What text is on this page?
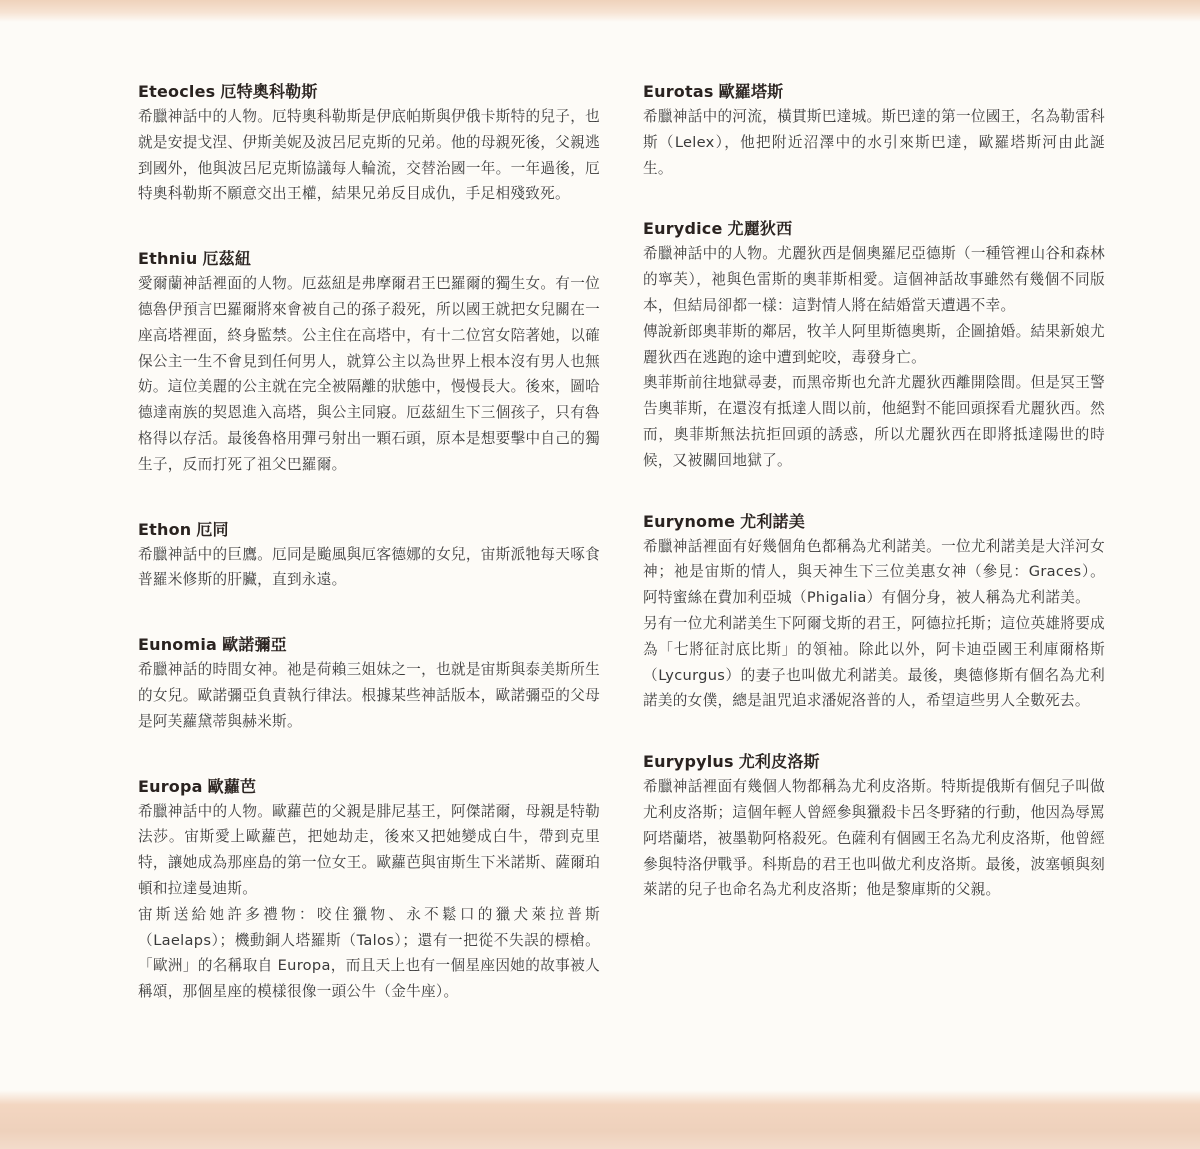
Eteocles 厄特奧科勒斯

希臘神話中的人物。厄特奧科勒斯是伊底帕斯與伊俄卡斯特的兒子，也就是安提戈涅、伊斯美妮及波呂尼克斯的兄弟。他的母親死後，父親逃到國外，他與波呂尼克斯協議每人輪流，交替治國一年。一年過後，厄特奧科勒斯不願意交出王權，結果兄弟反目成仇，手足相殘致死。

Ethniu 厄茲紐

愛爾蘭神話裡面的人物。厄茲紐是弗摩爾君王巴羅爾的獨生女。有一位德魯伊預言巴羅爾將來會被自己的孫子殺死，所以國王就把女兒關在一座高塔裡面，終身監禁。公主住在高塔中，有十二位宮女陪著她，以確保公主一生不會見到任何男人，就算公主以為世界上根本沒有男人也無妨。這位美麗的公主就在完全被隔離的狀態中，慢慢長大。後來，圖哈德達南族的契恩進入高塔，與公主同寢。厄茲紐生下三個孩子，只有魯格得以存活。最後魯格用彈弓射出一顆石頭，原本是想要擊中自己的獨生子，反而打死了祖父巴羅爾。

Ethon 厄同

希臘神話中的巨鷹。厄同是颱風與厄客德娜的女兒，宙斯派牠每天啄食普羅米修斯的肝臟，直到永遠。

Eunomia 歐諾彌亞

希臘神話的時間女神。祂是荷賴三姐妹之一，也就是宙斯與泰美斯所生的女兒。歐諾彌亞負責執行律法。根據某些神話版本，歐諾彌亞的父母是阿芙蘿黛蒂與赫米斯。

Europa 歐蘿芭

希臘神話中的人物。歐蘿芭的父親是腓尼基王，阿傑諾爾，母親是特勒法莎。宙斯愛上歐蘿芭，把她劫走，後來又把她變成白牛，帶到克里特，讓她成為那座島的第一位女王。歐蘿芭與宙斯生下米諾斯、薩爾珀頓和拉達曼迪斯。

宙斯送給她許多禮物：咬住獵物、永不鬆口的獵犬萊拉普斯（Laelaps）；機動銅人塔羅斯（Talos）；還有一把從不失誤的標槍。「歐洲」的名稱取自 Europa，而且天上也有一個星座因她的故事被人稱頌，那個星座的模樣很像一頭公牛（金牛座）。

Eurotas 歐羅塔斯

希臘神話中的河流，橫貫斯巴達城。斯巴達的第一位國王，名為勒雷科斯（Lelex），他把附近沼澤中的水引來斯巴達，歐羅塔斯河由此誕生。

Eurydice 尤麗狄西

希臘神話中的人物。尤麗狄西是個奧羅尼亞德斯（一種管裡山谷和森林的寧芙），祂與色雷斯的奧菲斯相愛。這個神話故事雖然有幾個不同版本，但結局卻都一樣：這對情人將在結婚當天遭遇不幸。

傳說新郎奧菲斯的鄰居，牧羊人阿里斯德奧斯，企圖搶婚。結果新娘尤麗狄西在逃跑的途中遭到蛇咬，毒發身亡。

奧菲斯前往地獄尋妻，而黑帝斯也允許尤麗狄西離開陰間。但是冥王警告奧菲斯，在還沒有抵達人間以前，他絕對不能回頭探看尤麗狄西。然而，奧菲斯無法抗拒回頭的誘惑，所以尤麗狄西在即將抵達陽世的時候，又被關回地獄了。

Eurynome 尤利諾美

希臘神話裡面有好幾個角色都稱為尤利諾美。一位尤利諾美是大洋河女神；祂是宙斯的情人，與天神生下三位美惠女神（參見：Graces）。阿特蜜絲在費加利亞城（Phigalia）有個分身，被人稱為尤利諾美。

另有一位尤利諾美生下阿爾戈斯的君王，阿德拉托斯；這位英雄將要成為「七將征討底比斯」的領袖。除此以外，阿卡迪亞國王利庫爾格斯（Lycurgus）的妻子也叫做尤利諾美。最後，奧德修斯有個名為尤利諾美的女僕，總是詛咒追求潘妮洛普的人，希望這些男人全數死去。

Eurypylus 尤利皮洛斯

希臘神話裡面有幾個人物都稱為尤利皮洛斯。特斯提俄斯有個兒子叫做尤利皮洛斯；這個年輕人曾經參與獵殺卡呂冬野豬的行動，他因為辱罵阿塔蘭塔，被墨勒阿格殺死。色薩利有個國王名為尤利皮洛斯，他曾經參與特洛伊戰爭。科斯島的君王也叫做尤利皮洛斯。最後，波塞頓與刻萊諾的兒子也命名為尤利皮洛斯；他是黎庫斯的父親。
